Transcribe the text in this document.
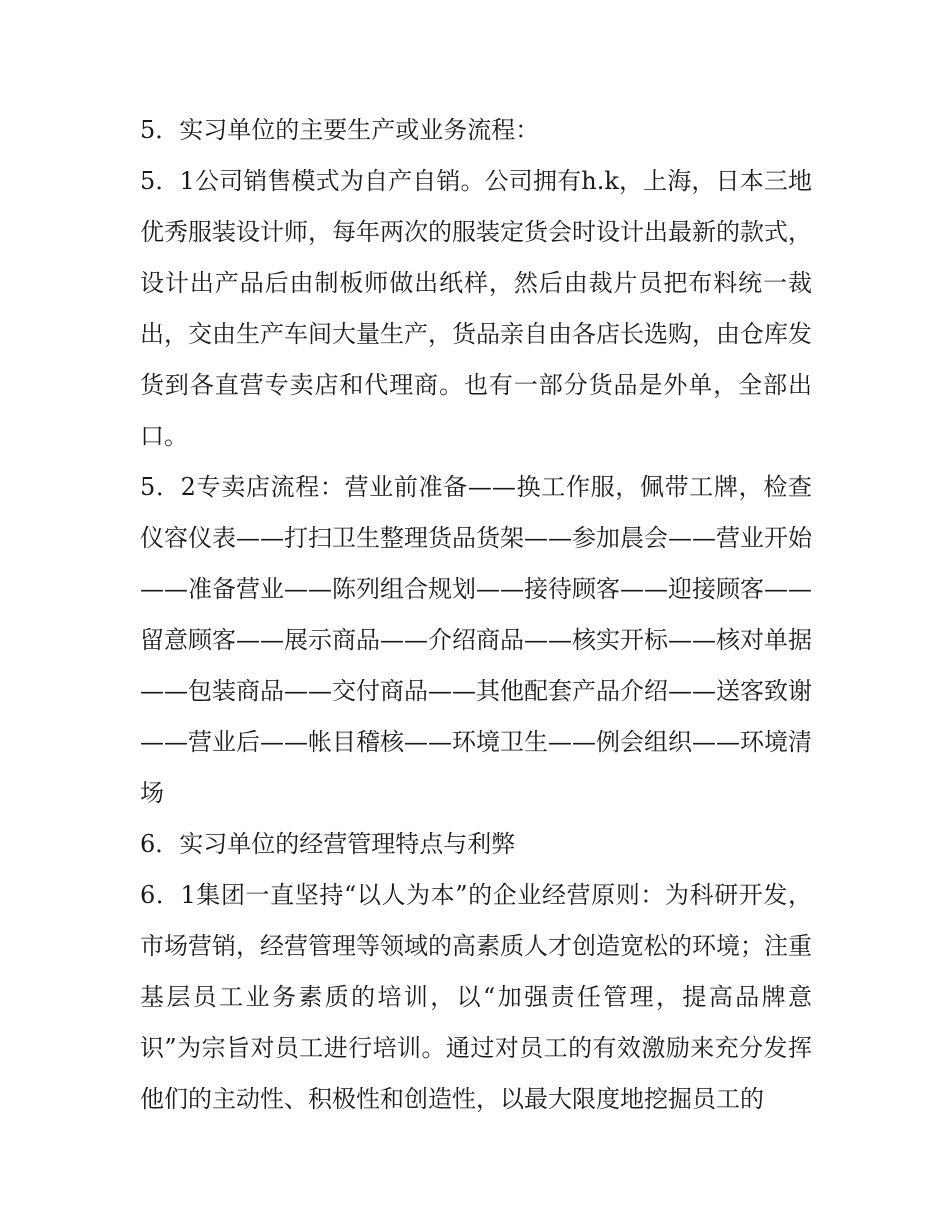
5．实习单位的主要生产或业务流程：

5．1公司销售模式为自产自销。公司拥有h.k，上海，日本三地优秀服装设计师，每年两次的服装定货会时设计出最新的款式，设计出产品后由制板师做出纸样，然后由裁片员把布料统一裁出，交由生产车间大量生产，货品亲自由各店长选购，由仓库发货到各直营专卖店和代理商。也有一部分货品是外单，全部出口。

5．2专卖店流程：营业前准备——换工作服，佩带工牌，检查仪容仪表——打扫卫生整理货品货架——参加晨会——营业开始——准备营业——陈列组合规划——接待顾客——迎接顾客——留意顾客——展示商品——介绍商品——核实开标——核对单据——包装商品——交付商品——其他配套产品介绍——送客致谢——营业后——帐目稽核——环境卫生——例会组织——环境清场

6．实习单位的经营管理特点与利弊

6．1集团一直坚持“以人为本”的企业经营原则：为科研开发，市场营销，经营管理等领域的高素质人才创造宽松的环境；注重基层员工业务素质的培训，以“加强责任管理，提高品牌意识”为宗旨对员工进行培训。通过对员工的有效激励来充分发挥他们的主动性、积极性和创造性，以最大限度地挖掘员工的
